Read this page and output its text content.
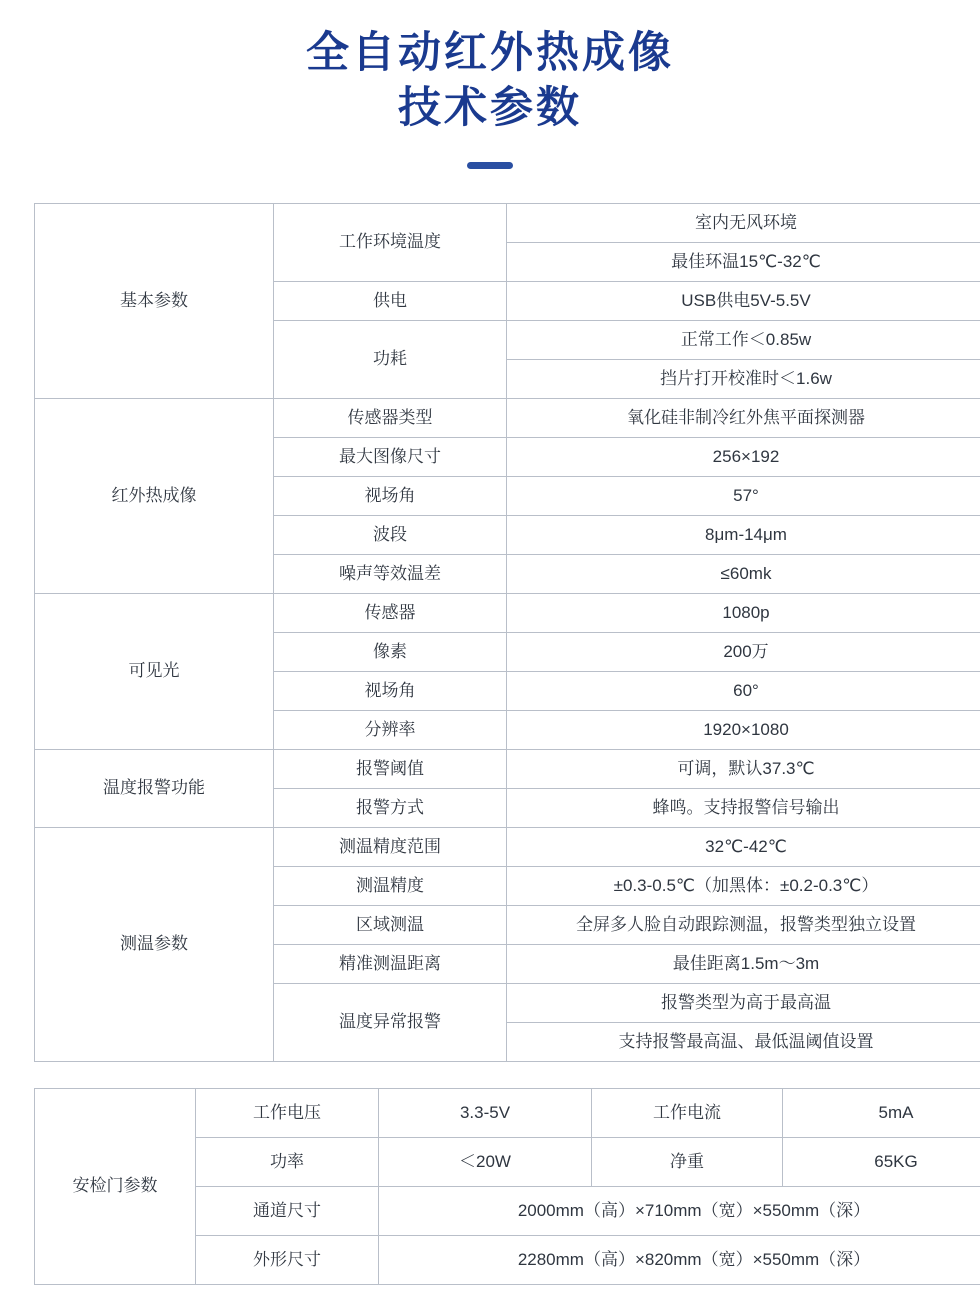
全自动红外热成像
技术参数
基本参数	工作环境温度	室内无风环境
		最佳环温15℃-32℃
	供电	USB供电5V-5.5V
	功耗	正常工作＜0.85w
		挡片打开校准时＜1.6w
红外热成像	传感器类型	氧化硅非制冷红外焦平面探测器
	最大图像尺寸	256×192
	视场角	57°
	波段	8μm-14μm
	噪声等效温差	≤60mk
可见光	传感器	1080p
	像素	200万
	视场角	60°
	分辨率	1920×1080
温度报警功能	报警阈值	可调，默认37.3℃
	报警方式	蜂鸣。支持报警信号输出
测温参数	测温精度范围	32℃-42℃
	测温精度	±0.3-0.5℃（加黑体：±0.2-0.3℃）
	区域测温	全屏多人脸自动跟踪测温，报警类型独立设置
	精准测温距离	最佳距离1.5m～3m
	温度异常报警	报警类型为高于最高温
		支持报警最高温、最低温阈值设置
安检门参数	工作电压	3.3-5V	工作电流	5mA
	功率	＜20W	净重	65KG
	通道尺寸	2000mm（高）×710mm（宽）×550mm（深）		
	外形尺寸	2280mm（高）×820mm（宽）×550mm（深）		
